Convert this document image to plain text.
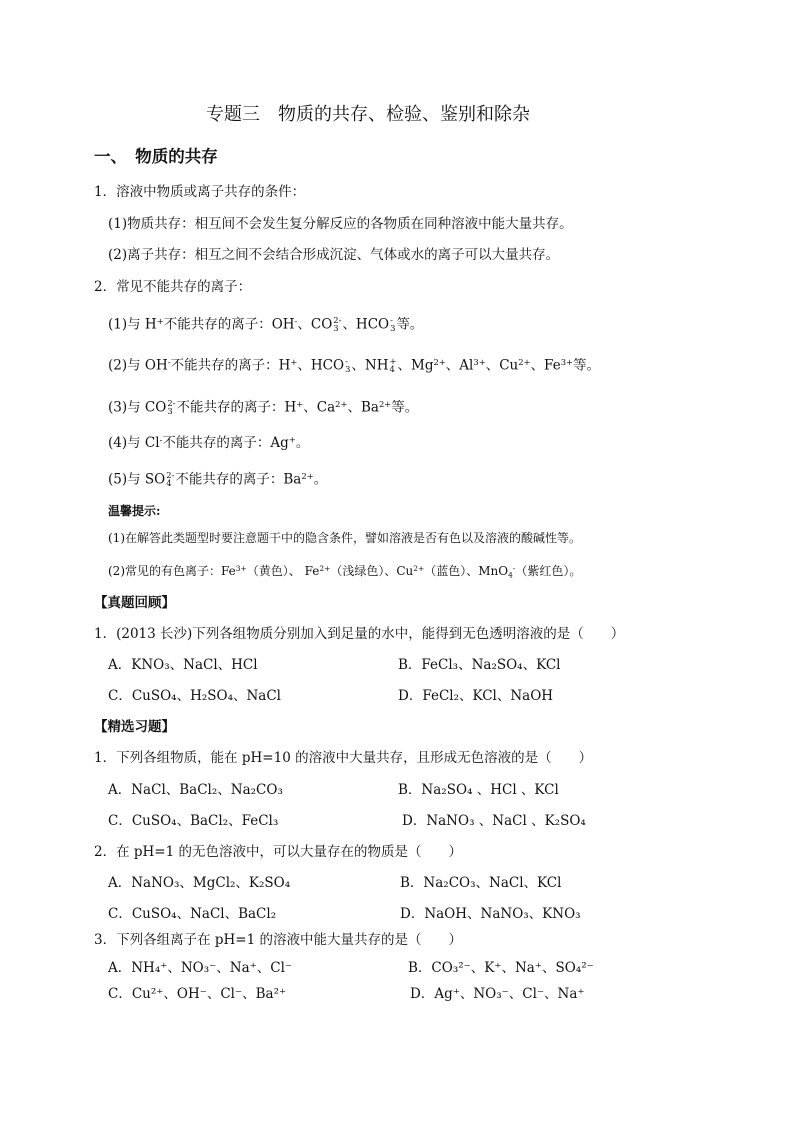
专题三　物质的共存、检验、鉴别和除杂
一、　物质的共存
1．溶液中物质或离子共存的条件：
(1)物质共存：相互间不会发生复分解反应的各物质在同种溶液中能大量共存。
(2)离子共存：相互之间不会结合形成沉淀、气体或水的离子可以大量共存。
2．常见不能共存的离子：
(1)与 H+不能共存的离子：OH-、CO 2-
3 、HCO -
3 等。
(2)与 OH-不能共存的离子：H+、HCO -
3 、NH +
4 、$Mg^{2+}$、$Al^{3+}$、$Cu^{2+}$、$Fe^{3+}$等。
(3)与 CO 2-
3 不能共存的离子：H+、$Ca^{2+}$、$Ba^{2+}$等。
(4)与 Cl-不能共存的离子：Ag+。
(5)与 SO 2-
4 不能共存的离子：$Ba^{2+}$。
温馨提示:
(1)在解答此类题型时要注意题干中的隐含条件，譬如溶液是否有色以及溶液的酸碱性等。
(2)常见的有色离子：$Fe^{3+}$（黄色）、 $Fe^{2+}$（浅绿色）、$Cu^{2+}$（蓝色）、MnO$_4$-（紫红色）。
【真题回顾】
1．(2013 长沙)下列各组物质分别加入到足量的水中，能得到无色透明溶液的是（　　）
A．KNO₃、NaCl、HCl	B．FeCl₃、Na₂SO₄、KCl
C．CuSO₄、H₂SO₄、NaCl	D．FeCl₂、KCl、NaOH
【精选习题】
1．下列各组物质，能在 pH=10 的溶液中大量共存，且形成无色溶液的是（　　）
A．NaCl、BaCl₂、Na₂CO₃	B．Na₂SO₄ 、HCl 、KCl
C．CuSO₄、BaCl₂、FeCl₃	D．NaNO₃ 、NaCl 、K₂SO₄
2．在 pH=1 的无色溶液中，可以大量存在的物质是（　　）
A．NaNO₃、MgCl₂、K₂SO₄	B．Na₂CO₃、NaCl、KCl
C．CuSO₄、NaCl、BaCl₂	D．NaOH、NaNO₃、KNO₃
3．下列各组离子在 pH=1 的溶液中能大量共存的是（　　）
A．NH₄⁺、NO₃⁻、Na⁺、Cl⁻	B．CO₃²⁻、K⁺、Na⁺、SO₄²⁻
C．Cu²⁺、OH⁻、Cl⁻、Ba²⁺	D．Ag⁺、NO₃⁻、Cl⁻、Na⁺
